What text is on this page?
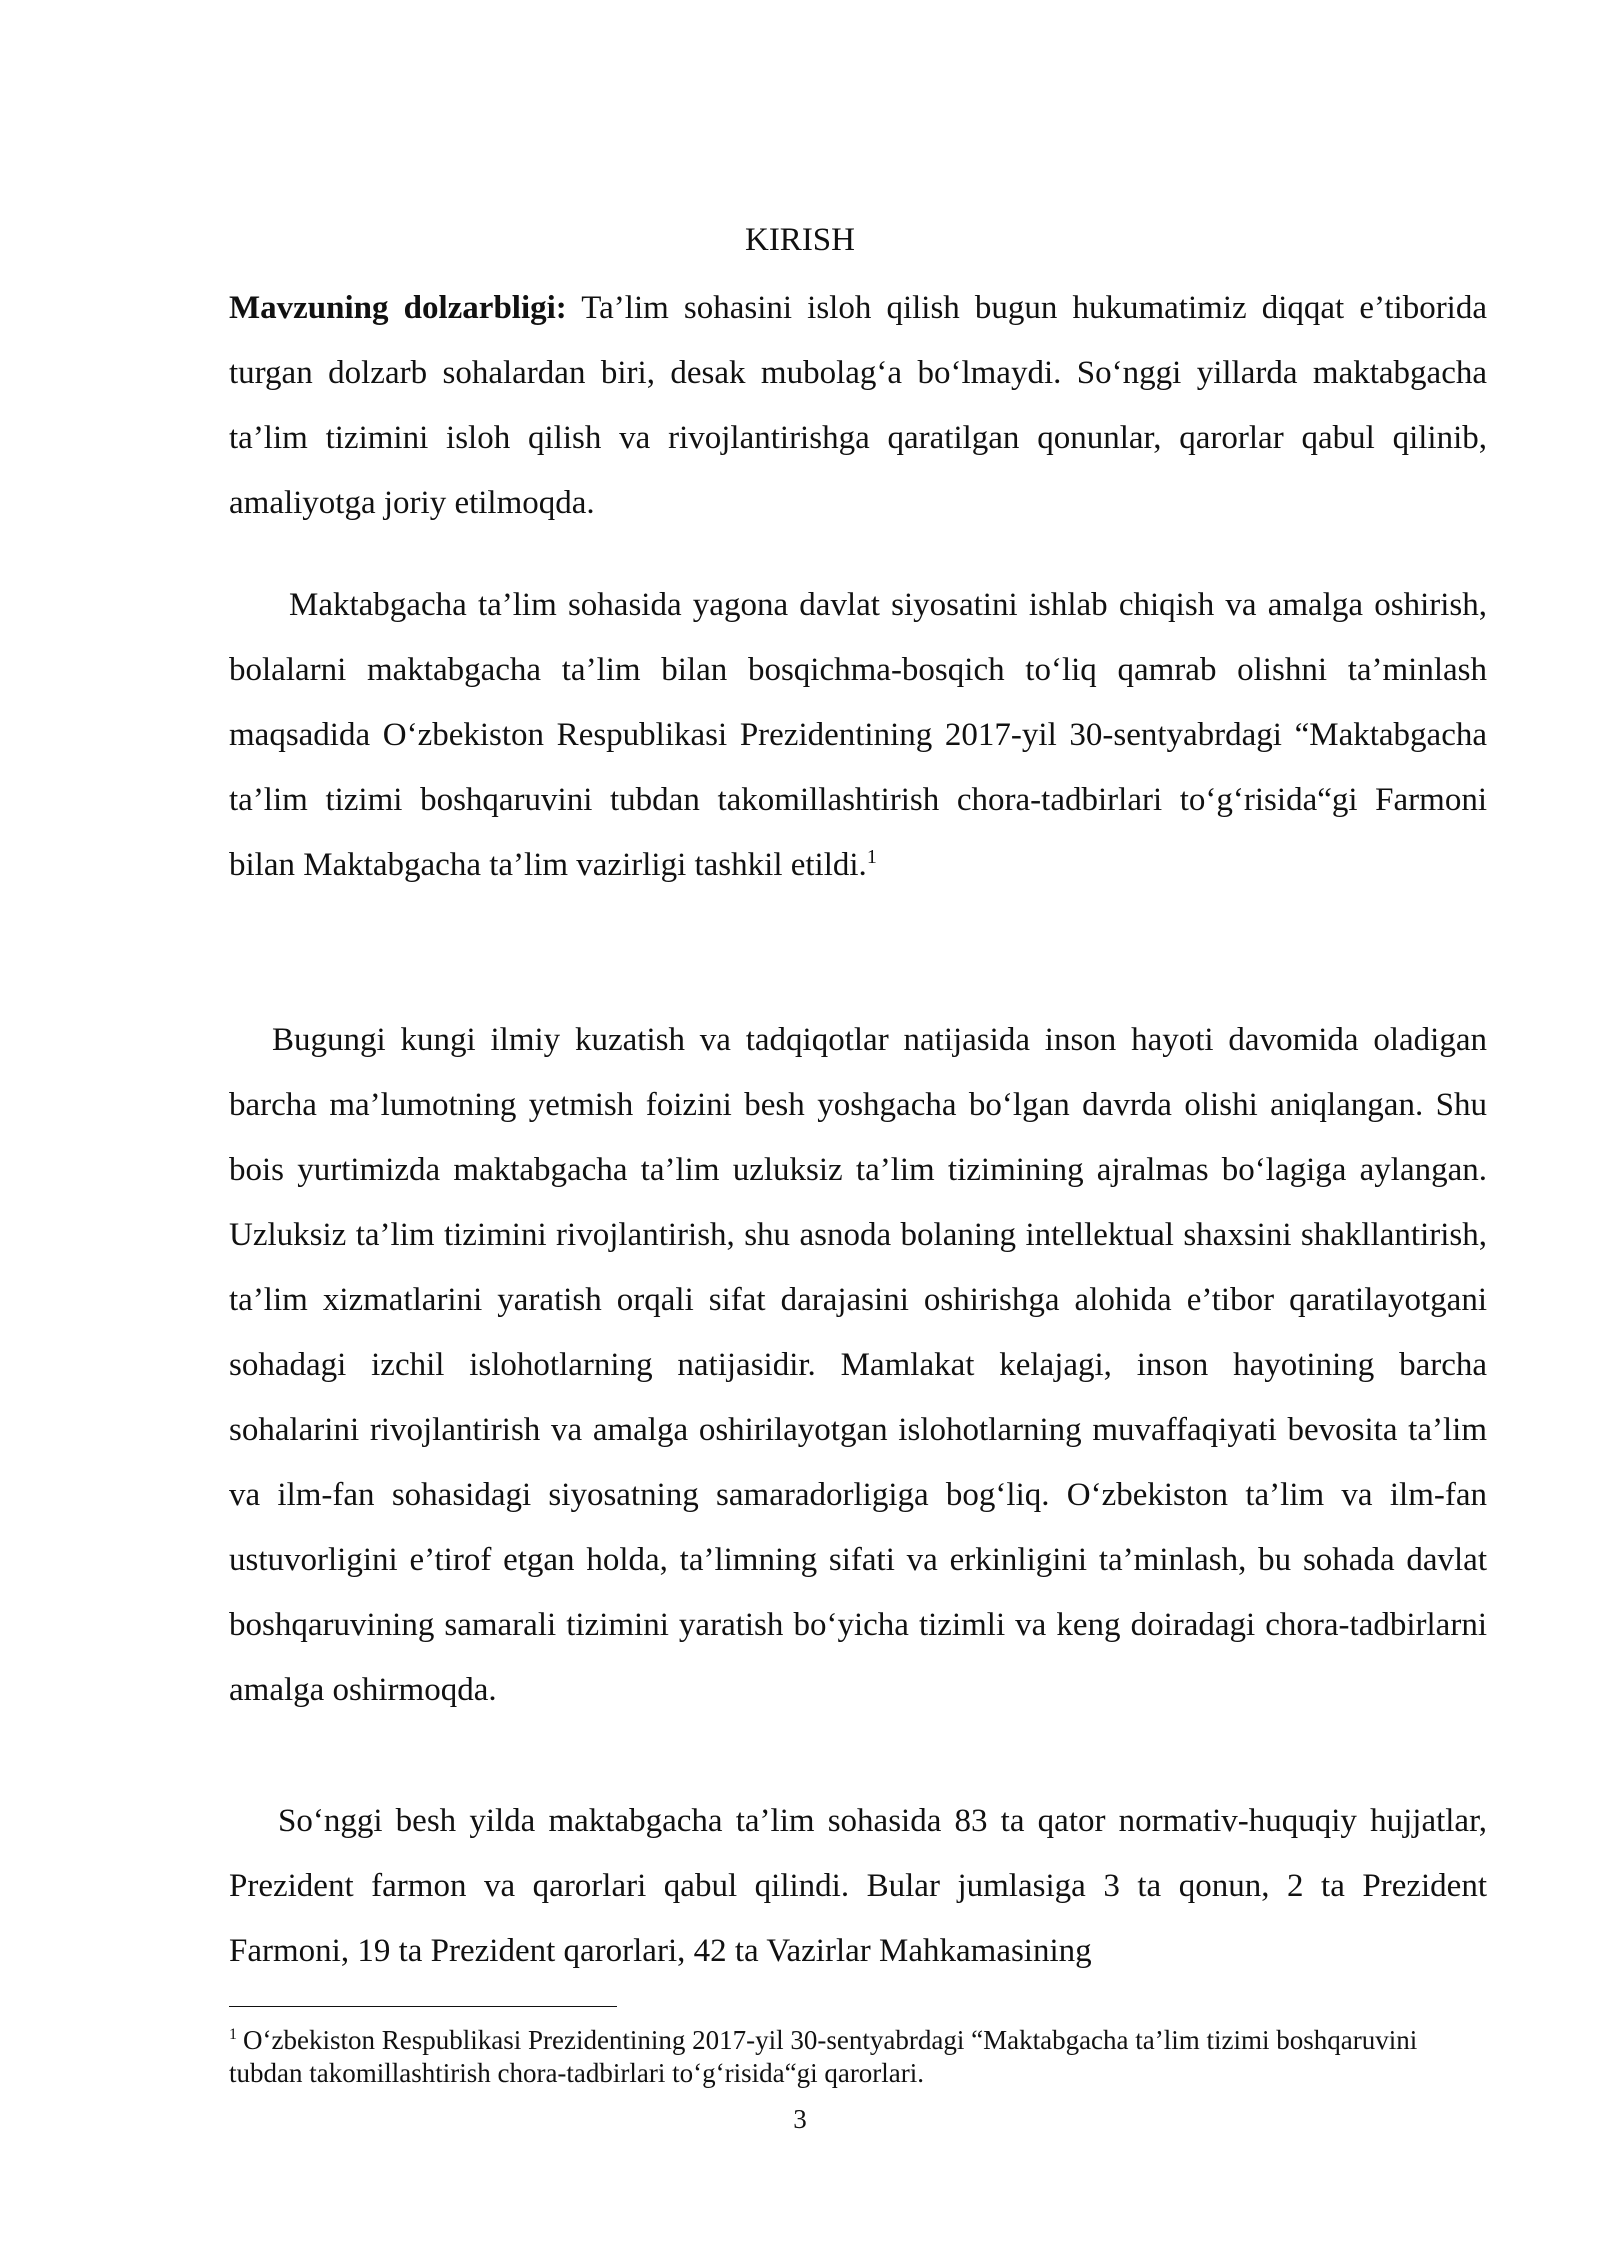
KIRISH

Mavzuning dolzarbligi: Ta’lim sohasini isloh qilish bugun hukumatimiz diqqat e’tiborida turgan dolzarb sohalardan biri, desak mubolag‘a bo‘lmaydi. So‘nggi yillarda maktabgacha ta’lim tizimini isloh qilish va rivojlantirishga qaratilgan qonunlar, qarorlar qabul qilinib, amaliyotga joriy etilmoqda.

Maktabgacha ta’lim sohasida yagona davlat siyosatini ishlab chiqish va amalga oshirish, bolalarni maktabgacha ta’lim bilan bosqichma-bosqich to‘liq qamrab olishni ta’minlash maqsadida O‘zbekiston Respublikasi Prezidentining 2017-yil 30-sentyabrdagi “Maktabgacha ta’lim tizimi boshqaruvini tubdan takomillashtirish chora-tadbirlari to‘g‘risida“gi Farmoni bilan Maktabgacha ta’lim vazirligi tashkil etildi.$^1$

Bugungi kungi ilmiy kuzatish va tadqiqotlar natijasida inson hayoti davomida oladigan barcha ma’lumotning yetmish foizini besh yoshgacha bo‘lgan davrda olishi aniqlangan. Shu bois yurtimizda maktabgacha ta’lim uzluksiz ta’lim tizimining ajralmas bo‘lagiga aylangan. Uzluksiz ta’lim tizimini rivojlantirish, shu asnoda bolaning intellektual shaxsini shakllantirish, ta’lim xizmatlarini yaratish orqali sifat darajasini oshirishga alohida e’tibor qaratilayotgani sohadagi izchil islohotlarning natijasidir. Mamlakat kelajagi, inson hayotining barcha sohalarini rivojlantirish va amalga oshirilayotgan islohotlarning muvaffaqiyati bevosita ta’lim va ilm-fan sohasidagi siyosatning samaradorligiga bog‘liq. O‘zbekiston ta’lim va ilm-fan ustuvorligini e’tirof etgan holda, ta’limning sifati va erkinligini ta’minlash, bu sohada davlat boshqaruvining samarali tizimini yaratish bo‘yicha tizimli va keng doiradagi chora-tadbirlarni amalga oshirmoqda.

So‘nggi besh yilda maktabgacha ta’lim sohasida 83 ta qator normativ-huquqiy hujjatlar, Prezident farmon va qarorlari qabul qilindi. Bular jumlasiga 3 ta qonun, 2 ta Prezident Farmoni, 19 ta Prezident qarorlari, 42 ta Vazirlar Mahkamasining

$^1$ O‘zbekiston Respublikasi Prezidentining 2017-yil 30-sentyabrdagi “Maktabgacha ta’lim tizimi boshqaruvini tubdan takomillashtirish chora-tadbirlari to‘g‘risida“gi qarorlari.

3
